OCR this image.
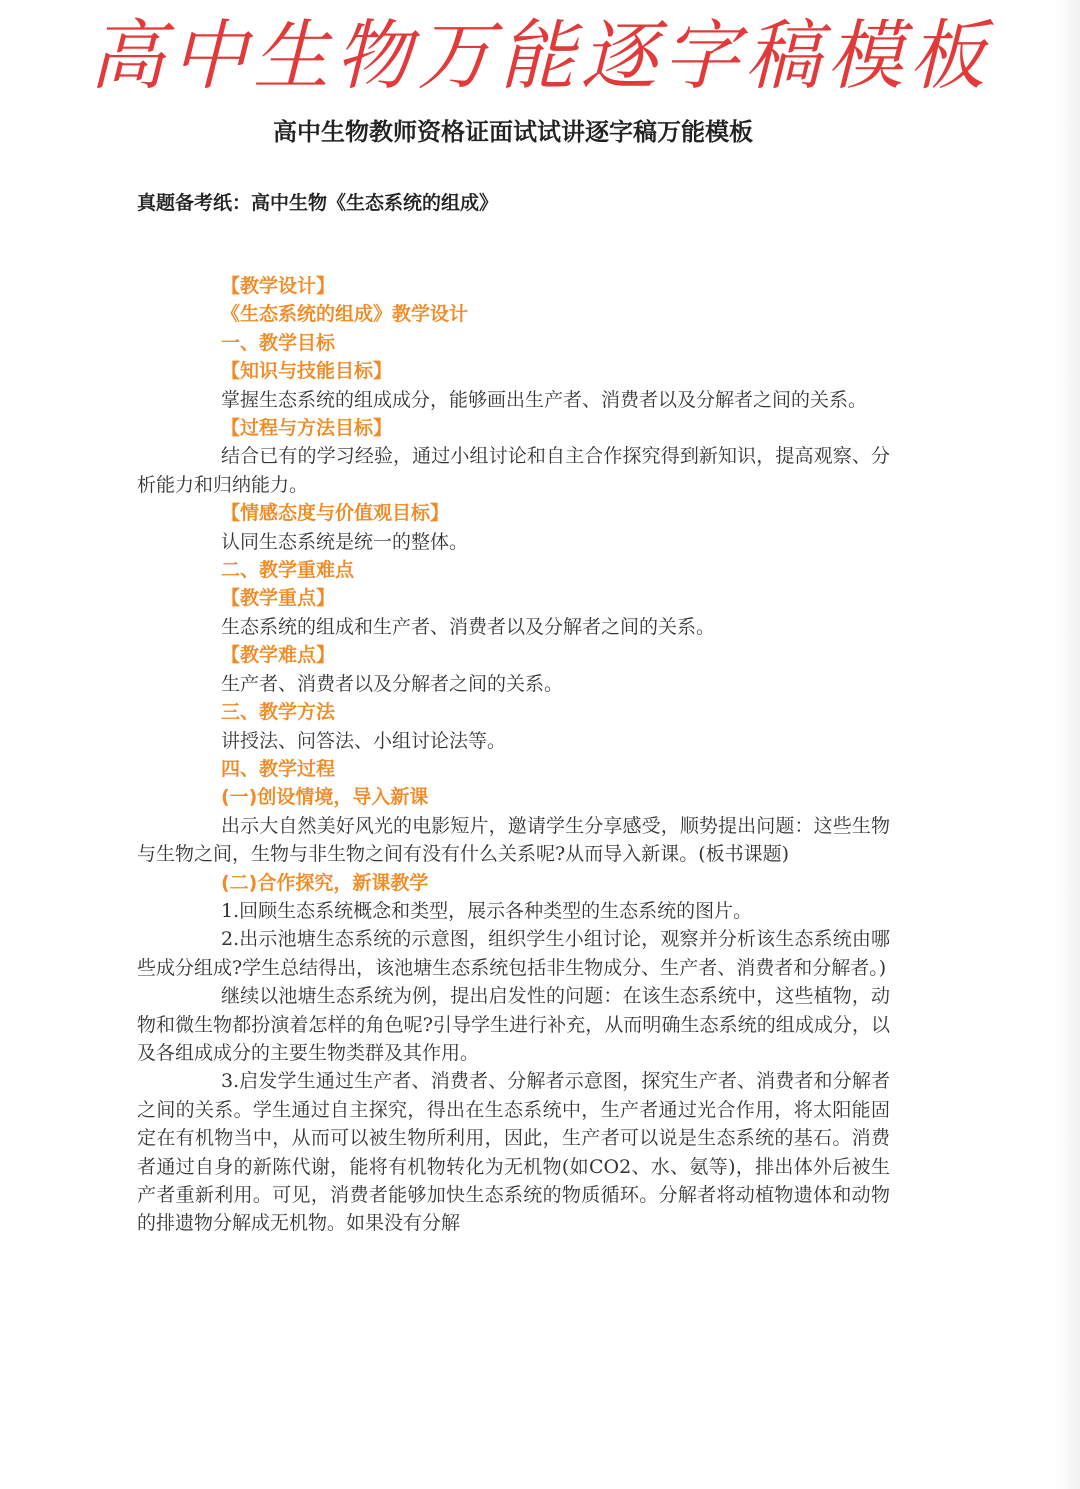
高中生物万能逐字稿模板
高中生物教师资格证面试试讲逐字稿万能模板
真题备考纸：高中生物《生态系统的组成》
【教学设计】
《生态系统的组成》教学设计
一、教学目标
【知识与技能目标】

掌握生态系统的组成成分，能够画出生产者、消费者以及分解者之间的关系。

【过程与方法目标】

结合已有的学习经验，通过小组讨论和自主合作探究得到新知识，提高观察、分析能力和归纳能力。

【情感态度与价值观目标】

认同生态系统是统一的整体。

二、教学重难点
【教学重点】

生态系统的组成和生产者、消费者以及分解者之间的关系。

【教学难点】

生产者、消费者以及分解者之间的关系。

三、教学方法

讲授法、问答法、小组讨论法等。

四、教学过程
(一)创设情境，导入新课

出示大自然美好风光的电影短片，邀请学生分享感受，顺势提出问题：这些生物与生物之间，生物与非生物之间有没有什么关系呢?从而导入新课。(板书课题)

(二)合作探究，新课教学

1.回顾生态系统概念和类型，展示各种类型的生态系统的图片。

2.出示池塘生态系统的示意图，组织学生小组讨论，观察并分析该生态系统由哪些成分组成?学生总结得出，该池塘生态系统包括非生物成分、生产者、消费者和分解者。)

继续以池塘生态系统为例，提出启发性的问题：在该生态系统中，这些植物，动物和微生物都扮演着怎样的角色呢?引导学生进行补充，从而明确生态系统的组成成分，以及各组成成分的主要生物类群及其作用。

3.启发学生通过生产者、消费者、分解者示意图，探究生产者、消费者和分解者之间的关系。学生通过自主探究，得出在生态系统中，生产者通过光合作用，将太阳能固定在有机物当中，从而可以被生物所利用，因此，生产者可以说是生态系统的基石。消费者通过自身的新陈代谢，能将有机物转化为无机物(如CO2、水、氨等)，排出体外后被生产者重新利用。可见，消费者能够加快生态系统的物质循环。分解者将动植物遗体和动物的排遗物分解成无机物。如果没有分解
